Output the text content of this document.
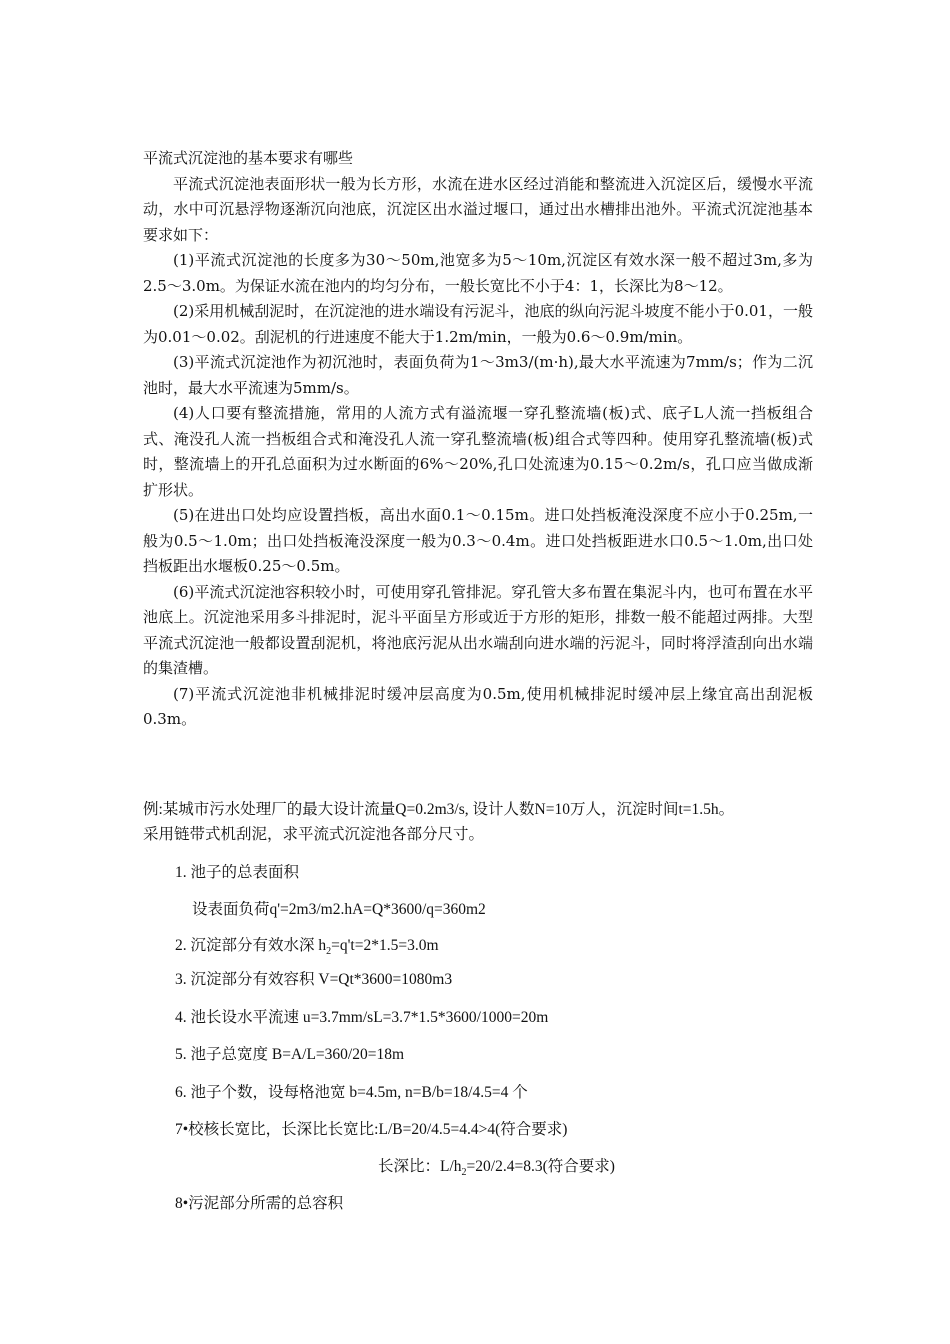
平流式沉淀池的基本要求有哪些

平流式沉淀池表面形状一般为长方形，水流在进水区经过消能和整流进入沉淀区后，缓慢水平流动，水中可沉悬浮物逐渐沉向池底，沉淀区出水溢过堰口，通过出水槽排出池外。平流式沉淀池基本要求如下：

(1)平流式沉淀池的长度多为30～50m,池宽多为5～10m,沉淀区有效水深一般不超过3m,多为2.5～3.0m。为保证水流在池内的均匀分布，一般长宽比不小于4：1，长深比为8～12。

(2)采用机械刮泥时，在沉淀池的进水端设有污泥斗，池底的纵向污泥斗坡度不能小于0.01，一般为0.01～0.02。刮泥机的行进速度不能大于1.2m/min，一般为0.6～0.9m/min。

(3)平流式沉淀池作为初沉池时，表面负荷为1～3m3/(m·h),最大水平流速为7mm/s；作为二沉池时，最大水平流速为5mm/s。

(4)人口要有整流措施，常用的人流方式有溢流堰一穿孔整流墙(板)式、底孑L人流一挡板组合式、淹没孔人流一挡板组合式和淹没孔人流一穿孔整流墙(板)组合式等四种。使用穿孔整流墙(板)式时，整流墙上的开孔总面积为过水断面的6%～20%,孔口处流速为0.15～0.2m/s，孔口应当做成渐扩形状。

(5)在进出口处均应设置挡板，高出水面0.1～0.15m。进口处挡板淹没深度不应小于0.25m,一般为0.5～1.0m；出口处挡板淹没深度一般为0.3～0.4m。进口处挡板距进水口0.5～1.0m,出口处挡板距出水堰板0.25～0.5m。

(6)平流式沉淀池容积较小时，可使用穿孔管排泥。穿孔管大多布置在集泥斗内，也可布置在水平池底上。沉淀池采用多斗排泥时，泥斗平面呈方形或近于方形的矩形，排数一般不能超过两排。大型平流式沉淀池一般都设置刮泥机，将池底污泥从出水端刮向进水端的污泥斗，同时将浮渣刮向出水端的集渣槽。

(7)平流式沉淀池非机械排泥时缓冲层高度为0.5m,使用机械排泥时缓冲层上缘宜高出刮泥板0.3m。

例:某城市污水处理厂的最大设计流量Q=0.2m3/s, 设计人数N=10万人，沉淀时间t=1.5h。

采用链带式机刮泥，求平流式沉淀池各部分尺寸。

1. 池子的总表面积
设表面负荷q'=2m3/m2.hA=Q*3600/q=360m2
2. 沉淀部分有效水深 $h_2=q't=2*1.5=3.0m$
3. 沉淀部分有效容积 V=Qt*3600=1080m3
4. 池长设水平流速 u=3.7mm/sL=3.7*1.5*3600/1000=20m
5. 池子总宽度 B=A/L=360/20=18m
6. 池子个数，设每格池宽 b=4.5m, n=B/b=18/4.5=4 个
7•校核长宽比，长深比长宽比:L/B=20/4.5=4.4>4(符合要求)
长深比：$L/h_2=20/2.4=8.3$(符合要求)
8•污泥部分所需的总容积
